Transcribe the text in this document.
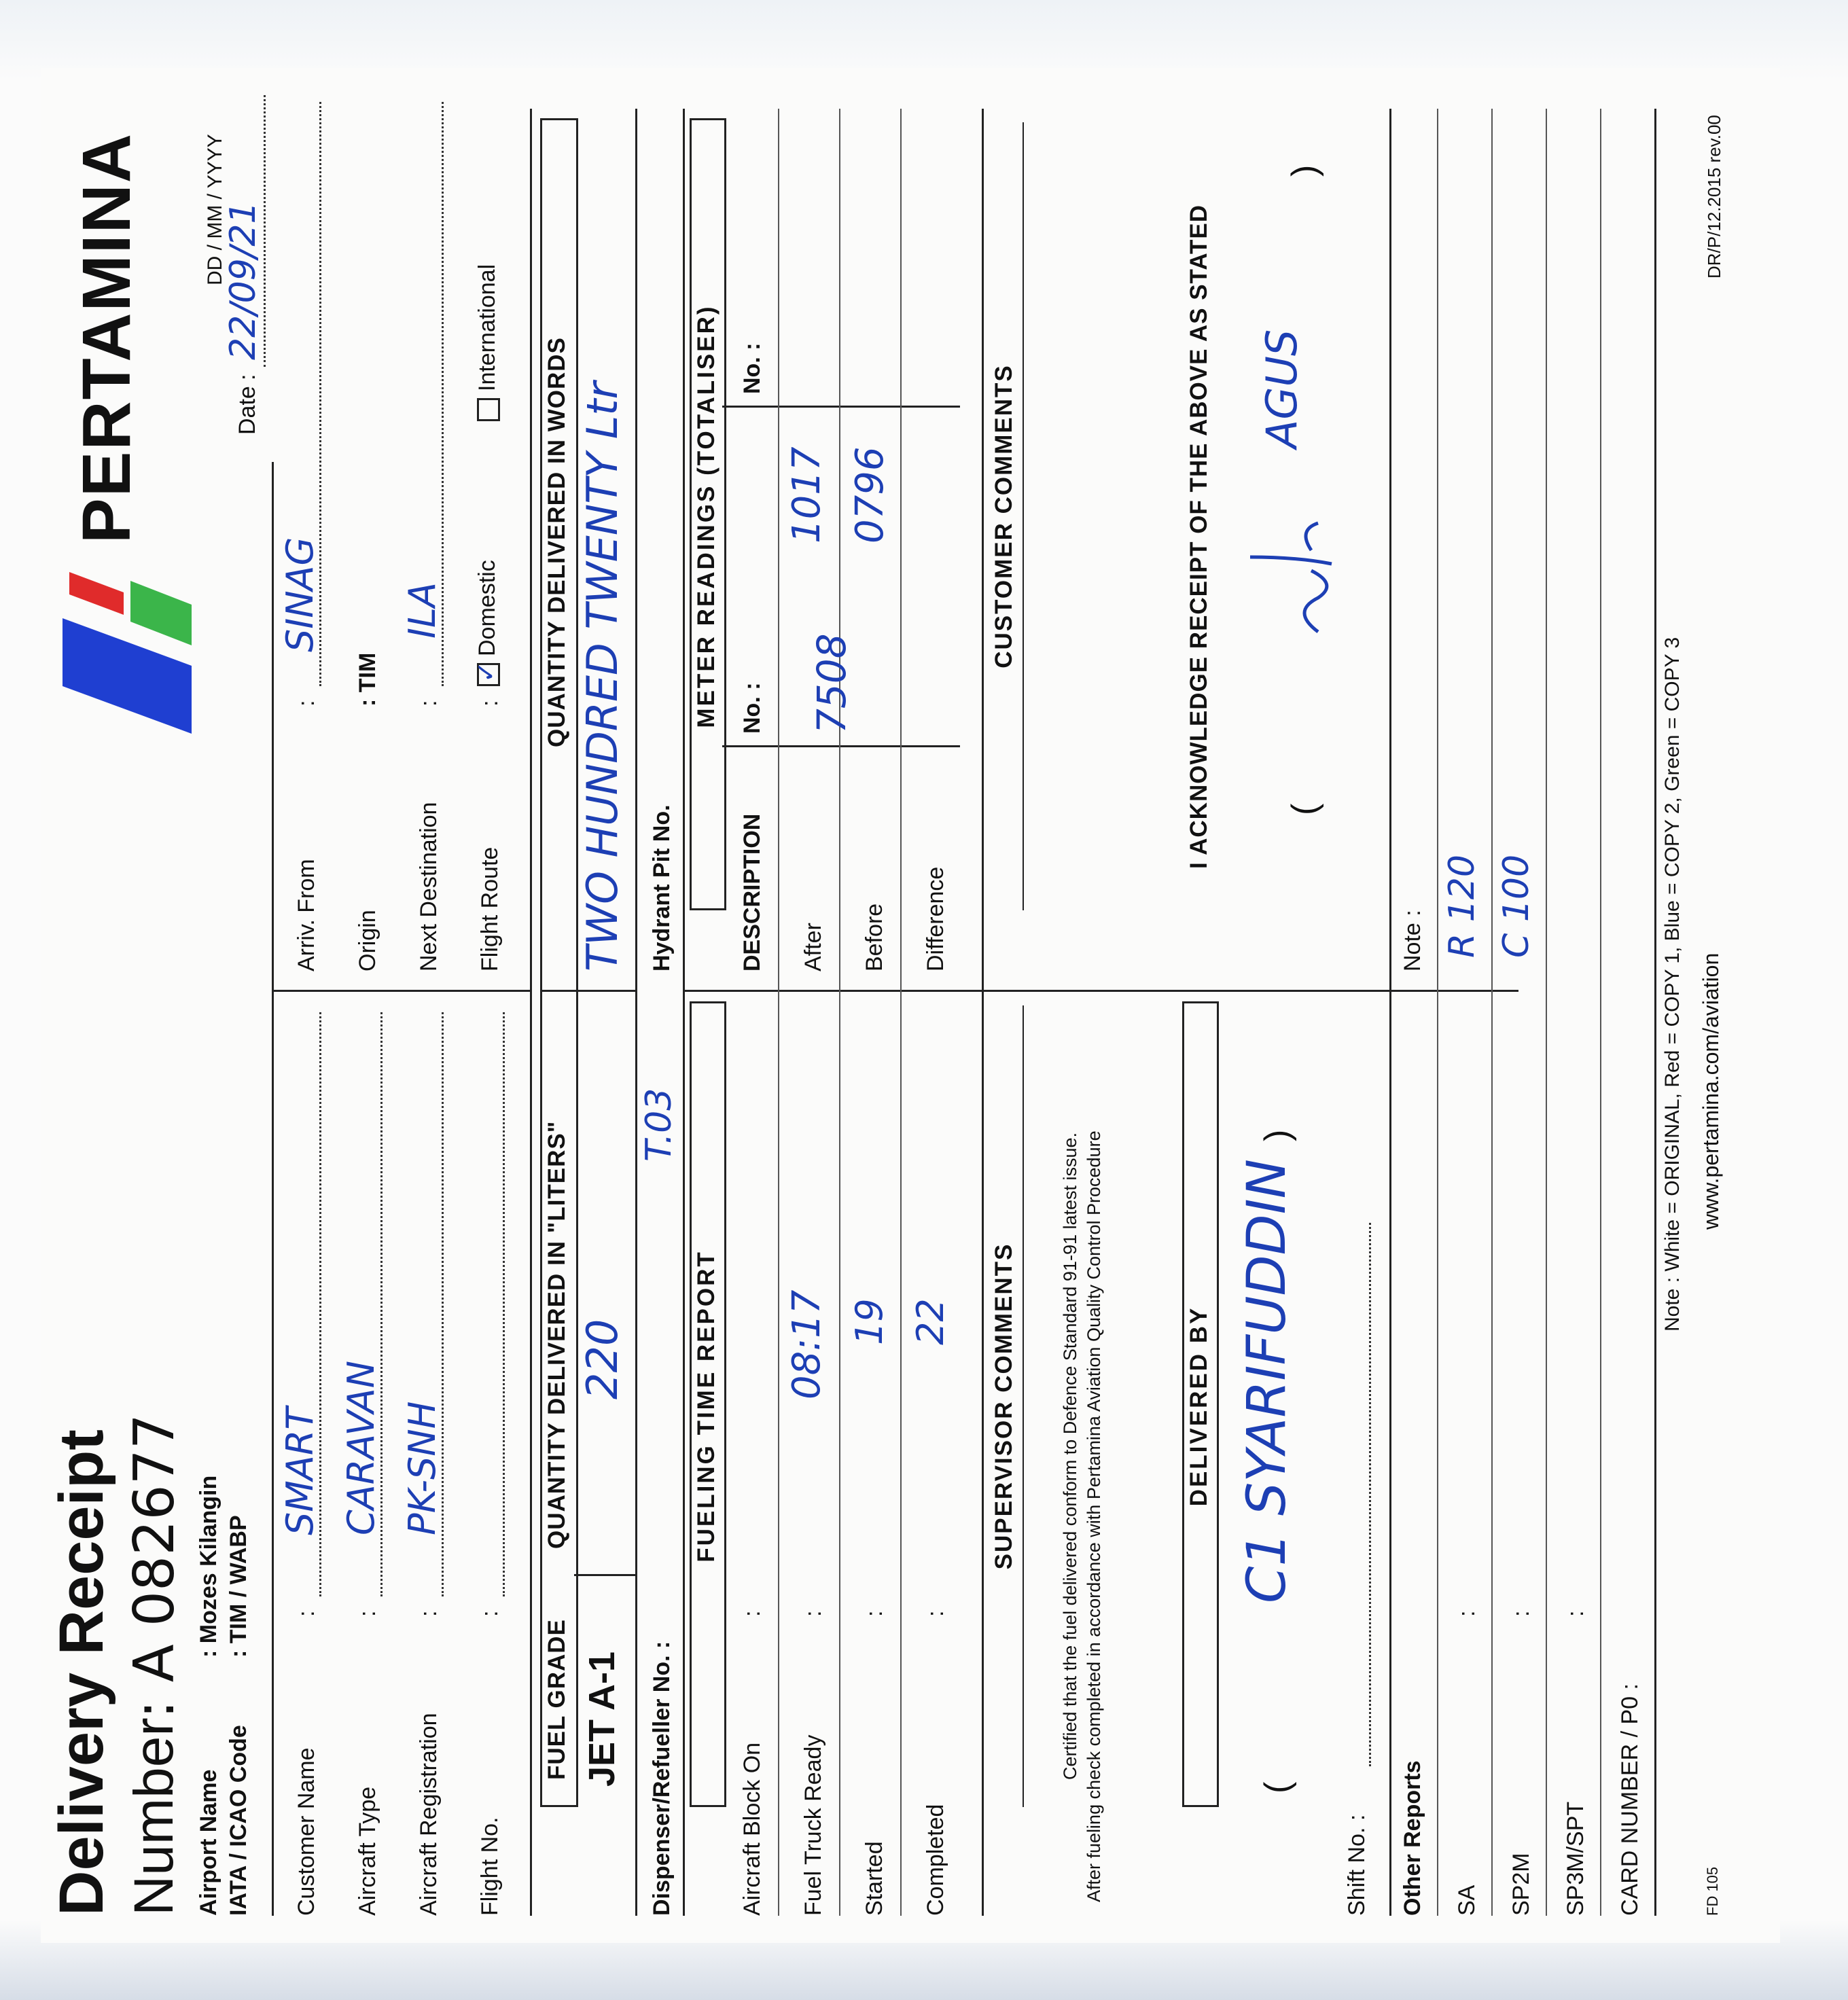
Delivery Receipt Number
: A 082677
PERTAMINA
Airport Name
: Mozes Kilangin
IATA / ICAO Code
: TIM / WABP
DD / MM / YYYY
Date
:
22/09/21
Customer Name
:
SMART
Aircraft Type
:
CARAVAN
Aircraft Registration
:
PK-SNH
Flight No.
:
Arriv. From
:
SINAG
Origin
: TIM
Next Destination
:
ILA
Flight Route
:
✓Domestic
International
FUEL GRADE
QUANTITY DELIVERED IN "LITERS"
QUANTITY DELIVERED IN WORDS
JET A-1
220
TWO HUNDRED TWENTY Ltr
Dispenser/Refueller No. :
T.03
Hydrant Pit No.
FUELING TIME REPORT
METER READINGS (TOTALISER)
Aircraft Block On
:
Fuel Truck Ready
:
08:17
Started
:
19
Completed
:
22
DESCRIPTION
No. :
No. :
After
1017
Before
7508
0796
Difference
SUPERVISOR COMMENTS
CUSTOMER COMMENTS
Certified that the fuel delivered conform to Defence Standard 91-91 latest issue. After fueling check completed in accordance with Pertamina Aviation Quality Control Procedure	DELIVERED BY
I ACKNOWLEDGE RECEIPT OF THE ABOVE AS STATED
C1 SYARIFUDDIN
(
)
AGUS
(
)
Shift No. : Other Reports
Note :
SA
:
R 120
SP2M
:
C 100
SP3M/SPT
:
CARD NUMBER / P0 :
Note : White = ORIGINAL, Red = COPY 1, Blue = COPY 2, Green = COPY 3 www.pertamina.com/aviation
FD 105
DR/P/12.2015 rev.00
